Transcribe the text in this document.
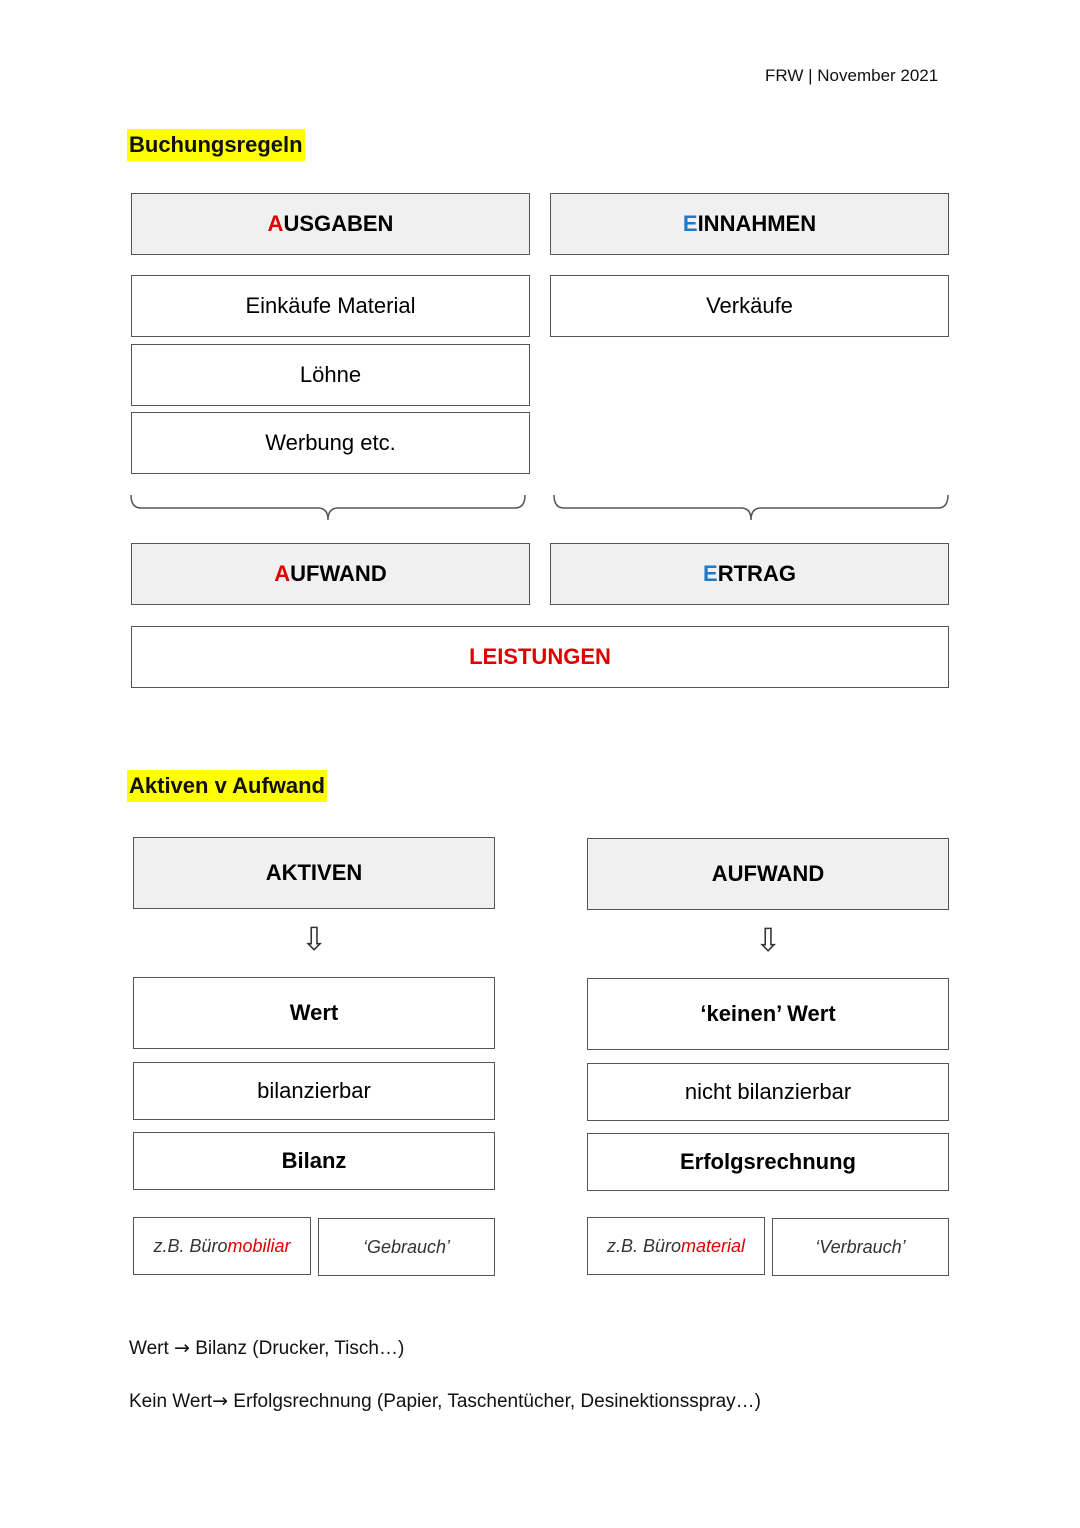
FRW | November 2021
Buchungsregeln
A USGABEN	E INNAHMEN
Einkäufe Material
Löhne
Werbung etc.
Verkäufe
A UFWAND	E RTRAG
LEISTUNGEN
Aktiven v Aufwand
AKTIVEN
⇩
Wert
bilanzierbar
Bilanz
z.B. Büro mobiliar	‘Gebrauch’
AUFWAND
⇩
‘keinen’ Wert
nicht bilanzierbar
Erfolgsrechnung
z.B. Büro material	‘Verbrauch’
Wert → Bilanz (Drucker, Tisch…)
Kein Wert→ Erfolgsrechnung (Papier, Taschentücher, Desinektionsspray…)
